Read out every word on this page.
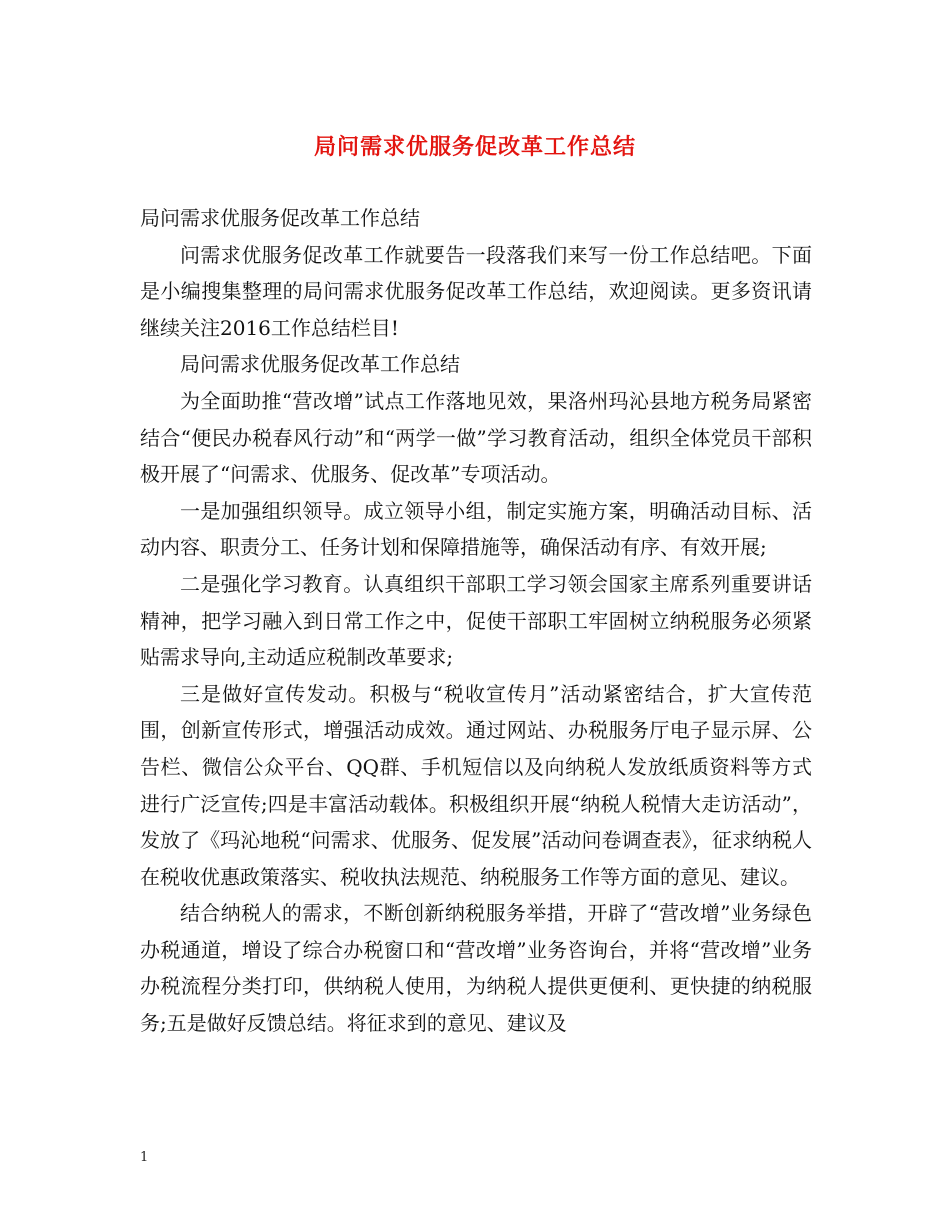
局问需求优服务促改革工作总结

局问需求优服务促改革工作总结

问需求优服务促改革工作就要告一段落我们来写一份工作总结吧。下面是小编搜集整理的局问需求优服务促改革工作总结，欢迎阅读。更多资讯请继续关注2016工作总结栏目!

局问需求优服务促改革工作总结

为全面助推“营改增”试点工作落地见效，果洛州玛沁县地方税务局紧密结合“便民办税春风行动”和“两学一做”学习教育活动，组织全体党员干部积极开展了“问需求、优服务、促改革”专项活动。

一是加强组织领导。成立领导小组，制定实施方案，明确活动目标、活动内容、职责分工、任务计划和保障措施等，确保活动有序、有效开展;

二是强化学习教育。认真组织干部职工学习领会国家主席系列重要讲话精神，把学习融入到日常工作之中，促使干部职工牢固树立纳税服务必须紧贴需求导向,主动适应税制改革要求;

三是做好宣传发动。积极与“税收宣传月”活动紧密结合，扩大宣传范围，创新宣传形式，增强活动成效。通过网站、办税服务厅电子显示屏、公告栏、微信公众平台、QQ群、手机短信以及向纳税人发放纸质资料等方式进行广泛宣传;四是丰富活动载体。积极组织开展“纳税人税情大走访活动”，发放了《玛沁地税“问需求、优服务、促发展”活动问卷调查表》，征求纳税人在税收优惠政策落实、税收执法规范、纳税服务工作等方面的意见、建议。

结合纳税人的需求，不断创新纳税服务举措，开辟了“营改增”业务绿色办税通道，增设了综合办税窗口和“营改增”业务咨询台，并将“营改增”业务办税流程分类打印，供纳税人使用，为纳税人提供更便利、更快捷的纳税服务;五是做好反馈总结。将征求到的意见、建议及

1
